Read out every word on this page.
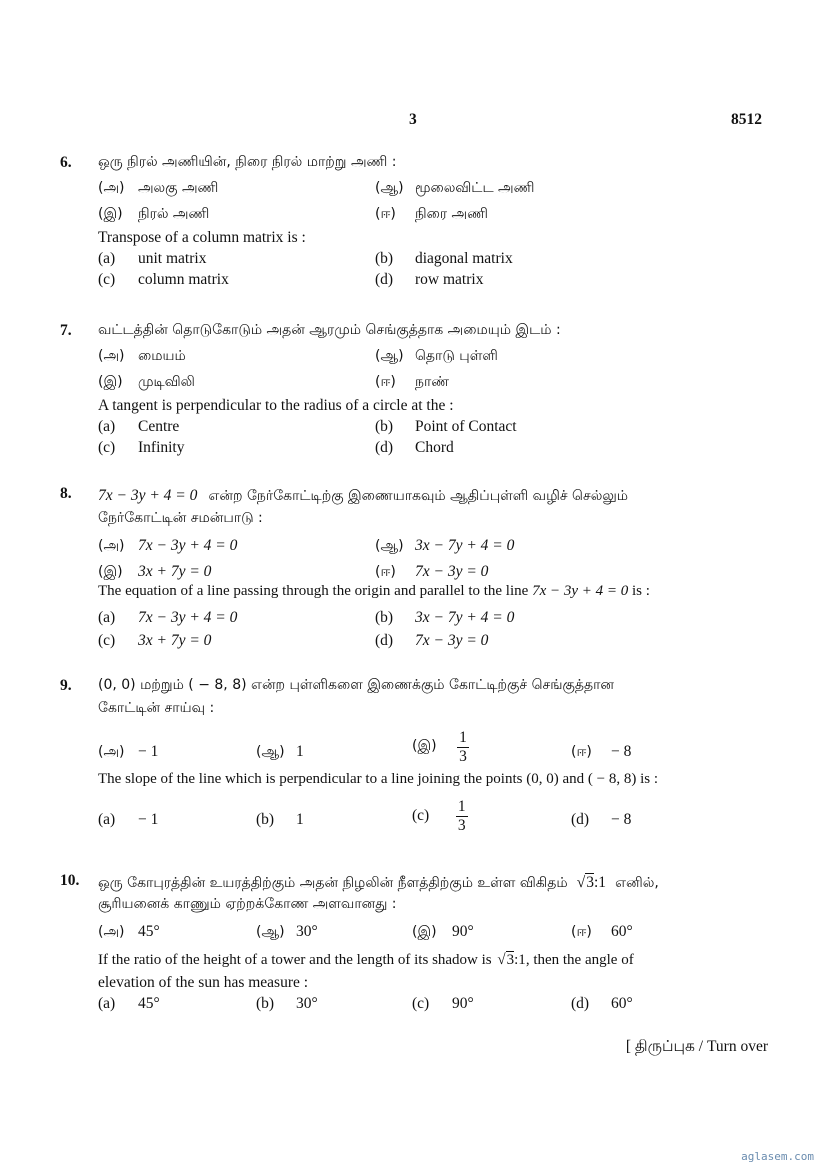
3	8512
6. ஒரு நிரல் அணியின், நிரை நிரல் மாற்று அணி :
(அ) அலகு அணி	(ஆ) மூலைவிட்ட அணி
(இ) நிரல் அணி	(ஈ) நிரை அணி
Transpose of a column matrix is :
(a) unit matrix	(b) diagonal matrix
(c) column matrix	(d) row matrix
7. வட்டத்தின் தொடுகோடும் அதன் ஆரமும் செங்குத்தாக அமையும் இடம் :
(அ) மையம்	(ஆ) தொடு புள்ளி
(இ) முடிவிலி	(ஈ) நாண்
A tangent is perpendicular to the radius of a circle at the :
(a) Centre	(b) Point of Contact
(c) Infinity	(d) Chord
8. 7x − 3y + 4 = 0 என்ற நேர்கோட்டிற்கு இணையாகவும் ஆதிப்புள்ளி வழிச் செல்லும்
நேர்கோட்டின் சமன்பாடு :
(அ) 7x − 3y + 4 = 0	(ஆ) 3x − 7y + 4 = 0
(இ) 3x + 7y = 0	(ஈ) 7x − 3y = 0
The equation of a line passing through the origin and parallel to the line 7x − 3y + 4 = 0 is :
(a) 7x − 3y + 4 = 0	(b) 3x − 7y + 4 = 0
(c) 3x + 7y = 0	(d) 7x − 3y = 0
9. (0, 0) மற்றும் ( − 8, 8) என்ற புள்ளிகளை இணைக்கும் கோட்டிற்குச் செங்குத்தான
கோட்டின் சாய்வு :
(அ) − 1	(ஆ) 1	(இ) $\frac{1}{3}$	(ஈ) − 8
The slope of the line which is perpendicular to a line joining the points (0, 0) and ( − 8, 8) is :
(a) − 1	(b) 1	$(c) \frac{1}{3}$	(d) − 8
10. ஒரு கோபுரத்தின் உயரத்திற்கும் அதன் நிழலின் நீளத்திற்கும் உள்ள விகிதம் √3:1 எனில்,
சூரியனைக் காணும் ஏற்றக்கோண அளவானது :
(அ) 45°	(ஆ) 30°	(இ) 90°	(ஈ) 60°
If the ratio of the height of a tower and the length of its shadow is √3:1, then the angle of
elevation of the sun has measure :
(a) 45°	(b) 30°	(c) 90°	(d) 60°
[ திருப்புக / Turn over
aglasem.com
